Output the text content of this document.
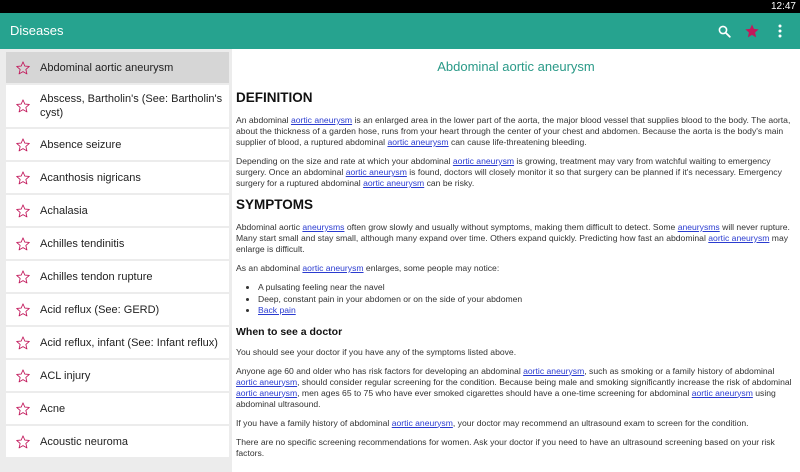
12:47
Diseases
Abdominal aortic aneurysm
Abscess, Bartholin's (See: Bartholin's cyst)
Absence seizure
Acanthosis nigricans
Achalasia
Achilles tendinitis
Achilles tendon rupture
Acid reflux (See: GERD)
Acid reflux, infant (See: Infant reflux)
ACL injury
Acne
Acoustic neuroma
Abdominal aortic aneurysm
DEFINITION

An abdominal aortic aneurysm is an enlarged area in the lower part of the aorta, the major blood vessel that supplies blood to the body. The aorta, about the thickness of a garden hose, runs from your heart through the center of your chest and abdomen. Because the aorta is the body's main supplier of blood, a ruptured abdominal aortic aneurysm can cause life-threatening bleeding.

Depending on the size and rate at which your abdominal aortic aneurysm is growing, treatment may vary from watchful waiting to emergency surgery. Once an abdominal aortic aneurysm is found, doctors will closely monitor it so that surgery can be planned if it's necessary. Emergency surgery for a ruptured abdominal aortic aneurysm can be risky.

SYMPTOMS

Abdominal aortic aneurysms often grow slowly and usually without symptoms, making them difficult to detect. Some aneurysms will never rupture. Many start small and stay small, although many expand over time. Others expand quickly. Predicting how fast an abdominal aortic aneurysm may enlarge is difficult.

As an abdominal aortic aneurysm enlarges, some people may notice:

• A pulsating feeling near the navel
• Deep, constant pain in your abdomen or on the side of your abdomen
• Back pain
When to see a doctor

You should see your doctor if you have any of the symptoms listed above.

Anyone age 60 and older who has risk factors for developing an abdominal aortic aneurysm, such as smoking or a family history of abdominal aortic aneurysm, should consider regular screening for the condition. Because being male and smoking significantly increase the risk of abdominal aortic aneurysm, men ages 65 to 75 who have ever smoked cigarettes should have a one-time screening for abdominal aortic aneurysm using abdominal ultrasound.

If you have a family history of abdominal aortic aneurysm, your doctor may recommend an ultrasound exam to screen for the condition.

There are no specific screening recommendations for women. Ask your doctor if you need to have an ultrasound screening based on your risk factors.
